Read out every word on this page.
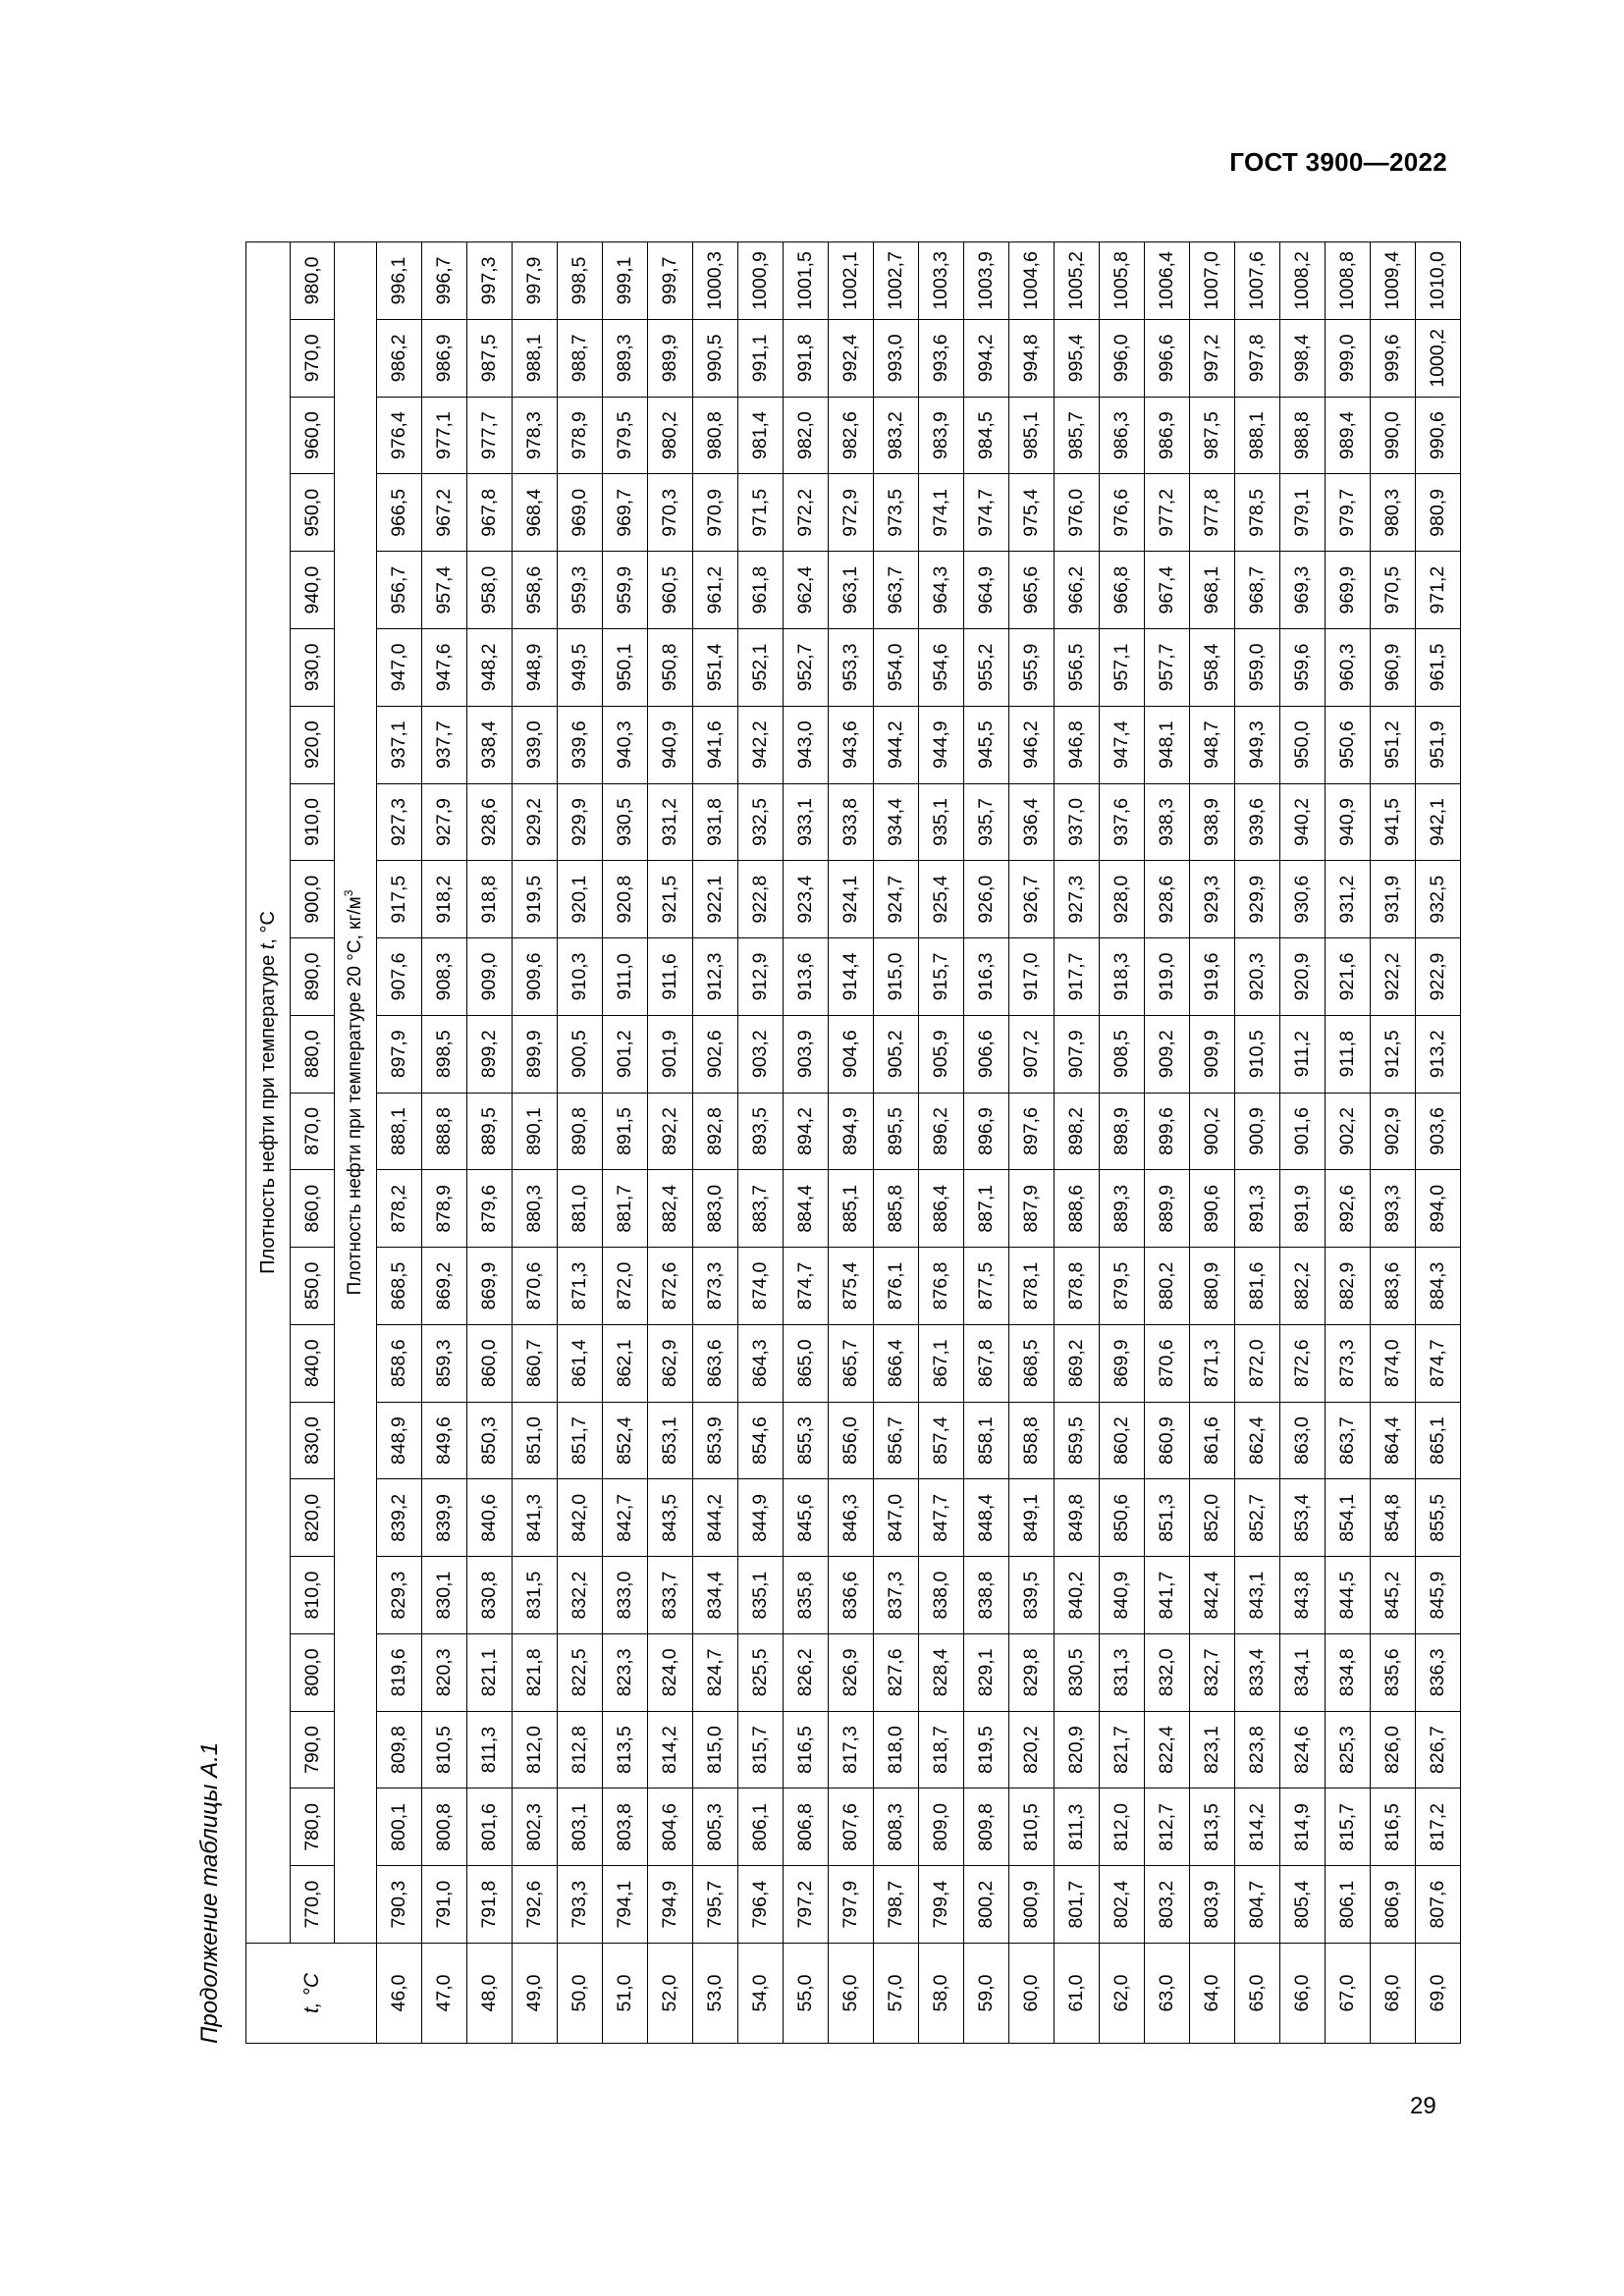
ГОСТ 3900—2022
Продолжение таблицы А.1	t, °C	Плотность нефти при температуре t, °C																					
	770,0	780,0	790,0	800,0	810,0	820,0	830,0	840,0	850,0	860,0	870,0	880,0	890,0	900,0	910,0	920,0	930,0	940,0	950,0	960,0	970,0	980,0
	Плотность нефти при температуре 20 °C, $кг/м^3$
46,0	790,3	800,1	809,8	819,6	829,3	839,2	848,9	858,6	868,5	878,2	888,1	897,9	907,6	917,5	927,3	937,1	947,0	956,7	966,5	976,4	986,2	996,1
47,0	791,0	800,8	810,5	820,3	830,1	839,9	849,6	859,3	869,2	878,9	888,8	898,5	908,3	918,2	927,9	937,7	947,6	957,4	967,2	977,1	986,9	996,7
48,0	791,8	801,6	811,3	821,1	830,8	840,6	850,3	860,0	869,9	879,6	889,5	899,2	909,0	918,8	928,6	938,4	948,2	958,0	967,8	977,7	987,5	997,3
49,0	792,6	802,3	812,0	821,8	831,5	841,3	851,0	860,7	870,6	880,3	890,1	899,9	909,6	919,5	929,2	939,0	948,9	958,6	968,4	978,3	988,1	997,9
50,0	793,3	803,1	812,8	822,5	832,2	842,0	851,7	861,4	871,3	881,0	890,8	900,5	910,3	920,1	929,9	939,6	949,5	959,3	969,0	978,9	988,7	998,5
51,0	794,1	803,8	813,5	823,3	833,0	842,7	852,4	862,1	872,0	881,7	891,5	901,2	911,0	920,8	930,5	940,3	950,1	959,9	969,7	979,5	989,3	999,1
52,0	794,9	804,6	814,2	824,0	833,7	843,5	853,1	862,9	872,6	882,4	892,2	901,9	911,6	921,5	931,2	940,9	950,8	960,5	970,3	980,2	989,9	999,7
53,0	795,7	805,3	815,0	824,7	834,4	844,2	853,9	863,6	873,3	883,0	892,8	902,6	912,3	922,1	931,8	941,6	951,4	961,2	970,9	980,8	990,5	1000,3
54,0	796,4	806,1	815,7	825,5	835,1	844,9	854,6	864,3	874,0	883,7	893,5	903,2	912,9	922,8	932,5	942,2	952,1	961,8	971,5	981,4	991,1	1000,9
55,0	797,2	806,8	816,5	826,2	835,8	845,6	855,3	865,0	874,7	884,4	894,2	903,9	913,6	923,4	933,1	943,0	952,7	962,4	972,2	982,0	991,8	1001,5
56,0	797,9	807,6	817,3	826,9	836,6	846,3	856,0	865,7	875,4	885,1	894,9	904,6	914,4	924,1	933,8	943,6	953,3	963,1	972,9	982,6	992,4	1002,1
57,0	798,7	808,3	818,0	827,6	837,3	847,0	856,7	866,4	876,1	885,8	895,5	905,2	915,0	924,7	934,4	944,2	954,0	963,7	973,5	983,2	993,0	1002,7
58,0	799,4	809,0	818,7	828,4	838,0	847,7	857,4	867,1	876,8	886,4	896,2	905,9	915,7	925,4	935,1	944,9	954,6	964,3	974,1	983,9	993,6	1003,3
59,0	800,2	809,8	819,5	829,1	838,8	848,4	858,1	867,8	877,5	887,1	896,9	906,6	916,3	926,0	935,7	945,5	955,2	964,9	974,7	984,5	994,2	1003,9
60,0	800,9	810,5	820,2	829,8	839,5	849,1	858,8	868,5	878,1	887,9	897,6	907,2	917,0	926,7	936,4	946,2	955,9	965,6	975,4	985,1	994,8	1004,6
61,0	801,7	811,3	820,9	830,5	840,2	849,8	859,5	869,2	878,8	888,6	898,2	907,9	917,7	927,3	937,0	946,8	956,5	966,2	976,0	985,7	995,4	1005,2
62,0	802,4	812,0	821,7	831,3	840,9	850,6	860,2	869,9	879,5	889,3	898,9	908,5	918,3	928,0	937,6	947,4	957,1	966,8	976,6	986,3	996,0	1005,8
63,0	803,2	812,7	822,4	832,0	841,7	851,3	860,9	870,6	880,2	889,9	899,6	909,2	919,0	928,6	938,3	948,1	957,7	967,4	977,2	986,9	996,6	1006,4
64,0	803,9	813,5	823,1	832,7	842,4	852,0	861,6	871,3	880,9	890,6	900,2	909,9	919,6	929,3	938,9	948,7	958,4	968,1	977,8	987,5	997,2	1007,0
65,0	804,7	814,2	823,8	833,4	843,1	852,7	862,4	872,0	881,6	891,3	900,9	910,5	920,3	929,9	939,6	949,3	959,0	968,7	978,5	988,1	997,8	1007,6
66,0	805,4	814,9	824,6	834,1	843,8	853,4	863,0	872,6	882,2	891,9	901,6	911,2	920,9	930,6	940,2	950,0	959,6	969,3	979,1	988,8	998,4	1008,2
67,0	806,1	815,7	825,3	834,8	844,5	854,1	863,7	873,3	882,9	892,6	902,2	911,8	921,6	931,2	940,9	950,6	960,3	969,9	979,7	989,4	999,0	1008,8
68,0	806,9	816,5	826,0	835,6	845,2	854,8	864,4	874,0	883,6	893,3	902,9	912,5	922,2	931,9	941,5	951,2	960,9	970,5	980,3	990,0	999,6	1009,4
69,0	807,6	817,2	826,7	836,3	845,9	855,5	865,1	874,7	884,3	894,0	903,6	913,2	922,9	932,5	942,1	951,9	961,5	971,2	980,9	990,6	1000,2	1010,0
29
